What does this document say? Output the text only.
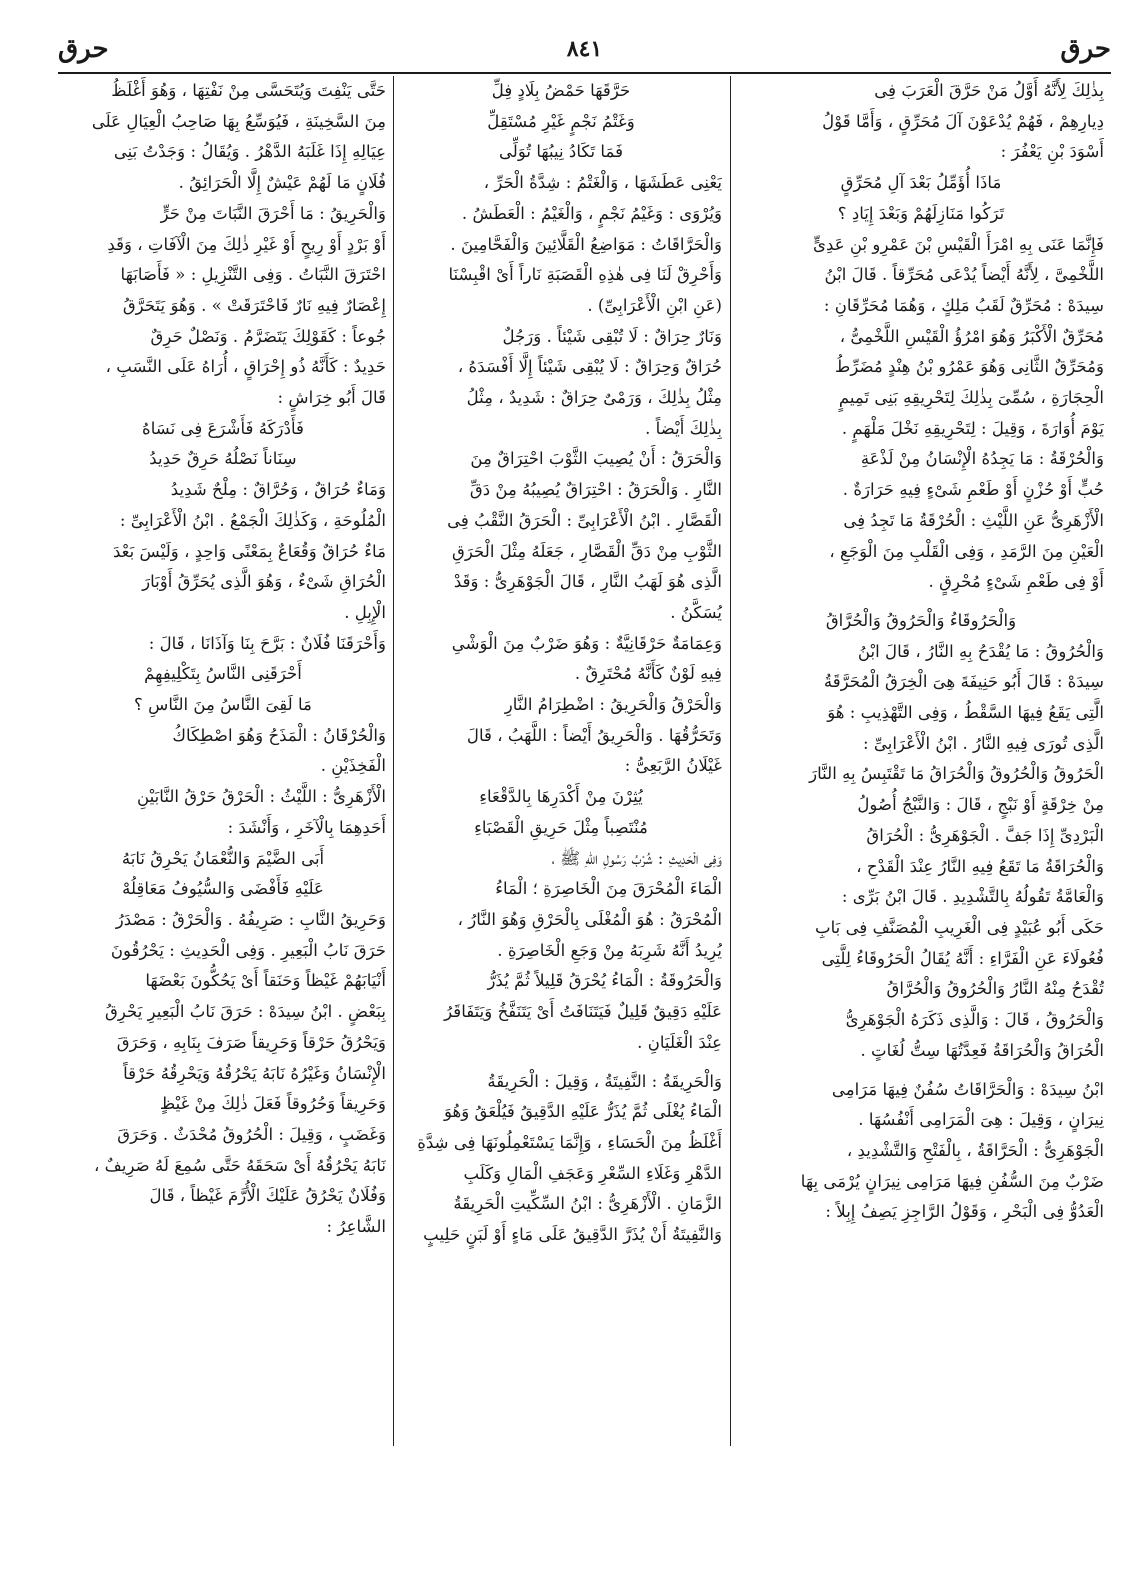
حرق
٨٤١
حرق

بِذٰلِكَ لِأَنَّهُ أَوَّلُ مَنْ حَرَّقَ الْعَرَبَ فِى

دِيارِهِمْ ، فَهُمْ يُدْعَوْنَ آلَ مُحَرِّقٍ ، وَأَمَّا قَوْلُ

أَسْوَدَ بْنِ يَعْفُرَ :

مَاذَا أُؤَمِّلُ بَعْدَ آلِ مُحَرِّقٍ

تَرَكُوا مَنَازِلَهُمْ وَبَعْدَ إِيَادِ ؟

فَإِنَّمَا عَنَى بِهِ امْرَأَ الْقَيْسِ بْنَ عَمْرِو بْنِ عَدِىٍّ

اللَّخْمِىَّ ، لِأَنَّهُ أَيْضاً يُدْعَى مُحَرِّقاً . قَالَ ابْنُ

سِيدَهْ : مُحَرِّقٌ لَقَبُ مَلِكٍ ، وَهُمَا مُحَرِّقَانِ :

مُحَرِّقٌ الْأَكْبَرُ وَهُوَ امْرُؤُ الْقَيْسِ اللَّخْمِىُّ ،

وَمُحَرِّقٌ الثَّانِى وَهُوَ عَمْرُو بْنُ هِنْدٍ مُضَرِّطُ

الْحِجَارَةِ ، سُمِّىَ بِذٰلِكَ لِتَحْرِيقِهِ بَنِى تَمِيمٍ

يَوْمَ أُوَارَةَ ، وَقِيلَ : لِتَحْرِيقِهِ نَخْلَ مَلْهَمٍ .

وَالْحُرْقَةُ : مَا يَجِدُهُ الْإِنْسَانُ مِنْ لَذْعَةِ

حُبٍّ أَوْ حُزْنٍ أَوْ طَعْمِ شَىْءٍ فِيهِ حَرَارَةٌ .

الْأَزْهَرِىُّ عَنِ اللَّيْثِ : الْحُرْقَةُ مَا تَجِدُ فِى

الْعَيْنِ مِنَ الرَّمَدِ ، وَفِى الْقَلْبِ مِنَ الْوَجَعِ ،

أَوْ فِى طَعْمِ شَىْءٍ مُحْرِقٍ .

وَالْحَرُوقَاءُ وَالْحَرُوقُ وَالْحُرَّاقُ

وَالْحُرُوقُ : مَا يُقْدَحُ بِهِ النَّارُ ، قَالَ ابْنُ

سِيدَهْ : قَالَ أَبُو حَنِيفَةَ هِىَ الْخِرَقُ الْمُحَرَّقَةُ

الَّتِى يَقَعُ فِيهَا السَّقْطُ ، وَفِى التَّهْذِيبِ : هُوَ

الَّذِى تُورَى فِيهِ النَّارُ . ابْنُ الْأَعْرَابِىِّ :

الْحَرُوقُ وَالْحُرُوقُ وَالْحُرَاقُ مَا تَقْتَبِسُ بِهِ النَّارَ

مِنْ خِرْقَةٍ أَوْ نَبْجٍ ، قَالَ : وَالنَّبْجُ أُصُولُ

الْبَرْدِىِّ إِذَا جَفَّ . الْجَوْهَرِىُّ : الْحُرَاقُ

وَالْحُرَاقَةُ مَا تَقَعُ فِيهِ النَّارُ عِنْدَ الْقَدْحِ ،

وَالْعَامَّةُ تَقُولُهُ بِالتَّشْدِيدِ . قَالَ ابْنُ بَرِّى :

حَكَى أَبُو عُبَيْدٍ فِى الْغَرِيبِ الْمُصَنَّفِ فِى بَابِ

فُعُولَاءَ عَنِ الْفَرَّاءِ : أَنَّهُ يُقَالُ الْحَرُوقَاءُ لِلَّتِى

تُقْدَحُ مِنْهُ النَّارُ وَالْحُرُوقُ وَالْحُرَّاقُ

وَالْحَرُوقُ ، قَالَ : وَالَّذِى ذَكَرَهُ الْجَوْهَرِىُّ

الْحُرَاقُ وَالْحُرَاقَةُ فَعِدَّتُهَا سِتُّ لُغَاتٍ .

ابْنُ سِيدَهْ : وَالْحَرَّاقَاتُ سُفُنٌ فِيهَا مَرَامِى

نِيرَانٍ ، وَقِيلَ : هِىَ الْمَرَامِى أَنْفُسُهَا .

الْجَوْهَرِىُّ : الْحَرَّاقَةُ ، بِالْفَتْحِ وَالتَّشْدِيدِ ،

ضَرْبٌ مِنَ السُّفُنِ فِيهَا مَرَامِى نِيرَانٍ يُرْمَى بِهَا

الْعَدُوُّ فِى الْبَحْرِ ، وَقَوْلُ الرَّاجِزِ يَصِفُ إِبِلاً :

حَرَّقَهَا حَمْضُ بِلَادٍ فِلِّ

وَغَتْمُ نَجْمٍ غَيْرِ مُسْتَقِلِّ

فَمَا تَكَادُ نِيبُهَا تُوَلِّى

يَعْنِى عَطَشَهَا ، وَالْغَتْمُ : شِدَّةُ الْحَرِّ ،

وَيُرْوَى : وَغَيْمُ نَجْمٍ ، وَالْغَيْمُ : الْعَطَشُ .

وَالْحَرَّاقَاتُ : مَوَاضِعُ الْقَلَّائِينَ وَالْفَحَّامِينَ .

وَأَحْرِقْ لَنَا فِى هٰذِهِ الْقَصَبَةِ نَاراً أَىْ اقْبِسْنَا

(عَنِ ابْنِ الْأَعْرَابِىِّ) .

وَنَارٌ حِرَاقٌ : لَا تُبْقِى شَيْئاً . وَرَجُلٌ

حُرَاقٌ وَحِرَاقٌ : لَا يُبْقِى شَيْئاً إِلَّا أَفْسَدَهُ ،

مِثْلُ بِذٰلِكَ ، وَرَمْىٌ حِرَاقٌ : شَدِيدٌ ، مِثْلُ

بِذٰلِكَ أَيْضاً .

وَالْحَرَقُ : أَنْ يُصِيبَ الثَّوْبَ احْتِرَاقٌ مِنَ

النَّارِ . وَالْحَرَقُ : احْتِرَاقٌ يُصِيبُهُ مِنْ دَقِّ

الْقَصَّارِ . ابْنُ الْأَعْرَابِىِّ : الْحَرَقُ النَّقْبُ فِى

الثَّوْبِ مِنْ دَقِّ الْقَصَّارِ ، جَعَلَهُ مِثْلَ الْحَرَقِ

الَّذِى هُوَ لَهَبُ النَّارِ ، قَالَ الْجَوْهَرِىُّ : وَقَدْ

يُسَكَّنُ .

وَعِمَامَةٌ حَرْقَانِيَّةٌ : وَهُوَ ضَرْبٌ مِنَ الْوَشْىِ

فِيهِ لَوْنٌ كَأَنَّهُ مُحْتَرِقٌ .

وَالْحَرْقُ وَالْحَرِيقُ : اضْطِرَامُ النَّارِ

وَتَحَرُّقُهَا . وَالْحَرِيقُ أَيْضاً : اللَّهَبُ ، قَالَ

غَيْلَانُ الرَّبَعِىُّ :

يُثِرْنَ مِنْ أَكْدَرِهَا بِالدَّقْعَاءِ

مُنْتَصِباً مِثْلَ حَرِيقِ الْقَصْبَاءِ

وَفِى الْحَدِيثِ : شُرْبُ رَسُولِ اللّٰهِ ﷺ ،

الْمَاءَ الْمُحْرَقَ مِنَ الْخَاصِرَةِ ؛ الْمَاءُ

الْمُحْرَقُ : هُوَ الْمُغْلَى بِالْحَرْقِ وَهُوَ النَّارُ ،

يُرِيدُ أَنَّهُ شَرِبَهُ مِنْ وَجَعِ الْخَاصِرَةِ .

وَالْحَرُوقَةُ : الْمَاءُ يُحْرَقُ قَلِيلاً ثُمَّ يُذَرُّ

عَلَيْهِ دَقِيقٌ قَلِيلٌ فَيَتَنَافَتُ أَىْ يَتَنَفَّخُ وَيَتَفَاقَرُ

عِنْدَ الْغَلَيَانِ .

وَالْحَرِيقَةُ : النَّفِيتَةُ ، وَقِيلَ : الْحَرِيقَةُ

الْمَاءُ يُغْلَى ثُمَّ يُذَرُّ عَلَيْهِ الدَّقِيقُ فَيُلْعَقُ وَهُوَ

أَغْلَظُ مِنَ الْحَسَاءِ ، وَإِنَّمَا يَسْتَعْمِلُونَهَا فِى شِدَّةِ

الدَّهْرِ وَغَلَاءِ السِّعْرِ وَعَجَفِ الْمَالِ وَكَلَبِ

الزَّمَانِ . الْأَزْهَرِىُّ : ابْنُ السِّكِّيتِ الْحَرِيقَةُ

وَالنَّفِيتَةُ أَنْ يُذَرَّ الدَّقِيقُ عَلَى مَاءٍ أَوْ لَبَنٍ حَلِيبٍ

حَتَّى يَنْفِتَ وَيُتَحَسَّى مِنْ نَفْتِهَا ، وَهُوَ أَغْلَظُ

مِنَ السَّخِينَةِ ، فَيُوَسِّعُ بِهَا صَاحِبُ الْعِيَالِ عَلَى

عِيَالِهِ إِذَا غَلَبَهُ الدَّهْرُ . وَيُقَالُ : وَجَدْتُ بَنِى

فُلَانٍ مَا لَهُمْ عَيْشٌ إِلَّا الْحَرَائِقُ .

وَالْحَرِيقُ : مَا أَحْرَقَ النَّبَاتَ مِنْ حَرٍّ

أَوْ بَرْدٍ أَوْ رِيحٍ أَوْ غَيْرِ ذٰلِكَ مِنَ الْآفَاتِ ، وَقَدِ

احْتَرَقَ النَّبَاتُ . وَفِى التَّنْزِيلِ : « فَأَصَابَهَا

إِعْصَارٌ فِيهِ نَارٌ فَاحْتَرَقَتْ » . وَهُوَ يَتَحَرَّقُ

جُوعاً : كَقَوْلِكَ يَتَضَرَّمُ . وَنَصْلٌ حَرِقٌ

حَدِيدٌ : كَأَنَّهُ ذُو إِحْرَاقٍ ، أُرَاهُ عَلَى النَّسَبِ ،

قَالَ أَبُو خِرَاشٍ :

فَأَدْرَكَهُ فَأَشْرَعَ فِى نَسَاهُ

سِنَاناً نَصْلُهُ حَرِقٌ حَدِيدُ

وَمَاءٌ حُرَاقٌ ، وَحُرَّاقٌ : مِلْحٌ شَدِيدُ

الْمُلُوحَةِ ، وَكَذٰلِكَ الْجَمْعُ . ابْنُ الْأَعْرَابِىِّ :

مَاءٌ حُرَاقٌ وَقُعَاعٌ بِمَعْنًى وَاحِدٍ ، وَلَيْسَ بَعْدَ

الْحُرَاقِ شَىْءٌ ، وَهُوَ الَّذِى يُحَرِّقُ أَوْبَارَ

الْإِبِلِ .

وَأَحْرَقَنَا فُلَانٌ : بَرَّحَ بِنَا وَآذَانَا ، قَالَ :

أَحْرَقَنِى النَّاسُ بِتَكْلِيفِهِمْ

مَا لَقِىَ النَّاسُ مِنَ النَّاسِ ؟

وَالْحُرْقَانُ : الْمَذَحُ وَهُوَ اصْطِكَاكُ

الْفَخِذَيْنِ .

الْأَزْهَرِىُّ : اللَّيْثُ : الْحَرْقُ حَرْقُ النَّابَيْنِ

أَحَدِهِمَا بِالْآخَرِ ، وَأَنْشَدَ :

أَبَى الضَّيْمَ وَالنُّعْمَانُ يَحْرِقُ نَابَهُ

عَلَيْهِ فَأَفْضَى وَالسُّيُوفُ مَعَاقِلُهْ

وَحَرِيقُ النَّابِ : صَرِيفُهُ . وَالْحَرْقُ : مَصْدَرُ

حَرَقَ نَابُ الْبَعِيرِ . وَفِى الْحَدِيثِ : يَحْرُقُونَ

أَنْيَابَهُمْ غَيْظاً وَحَنَقاً أَىْ يَحُكُّونَ بَعْضَهَا

بِبَعْضٍ . ابْنُ سِيدَهْ : حَرَقَ نَابُ الْبَعِيرِ يَحْرِقُ

وَيَحْرُقُ حَرْقاً وَحَرِيقاً صَرَفَ بِنَابِهِ ، وَحَرَقَ

الْإِنْسَانُ وَغَيْرُهُ نَابَهُ يَحْرُقُهُ وَيَحْرِقُهُ حَرْقاً

وَحَرِيقاً وَحُرُوقاً فَعَلَ ذٰلِكَ مِنْ غَيْظٍ

وَغَضَبٍ ، وَقِيلَ : الْحُرُوقُ مُحْدَثٌ . وَحَرَقَ

نَابَهُ يَحْرُقُهُ أَىْ سَحَقَهُ حَتَّى سُمِعَ لَهُ صَرِيفٌ ،

وَفُلَانٌ يَحْرُقُ عَلَيْكَ الْأُرَّمَ غَيْظاً ، قَالَ

الشَّاعِرُ :
